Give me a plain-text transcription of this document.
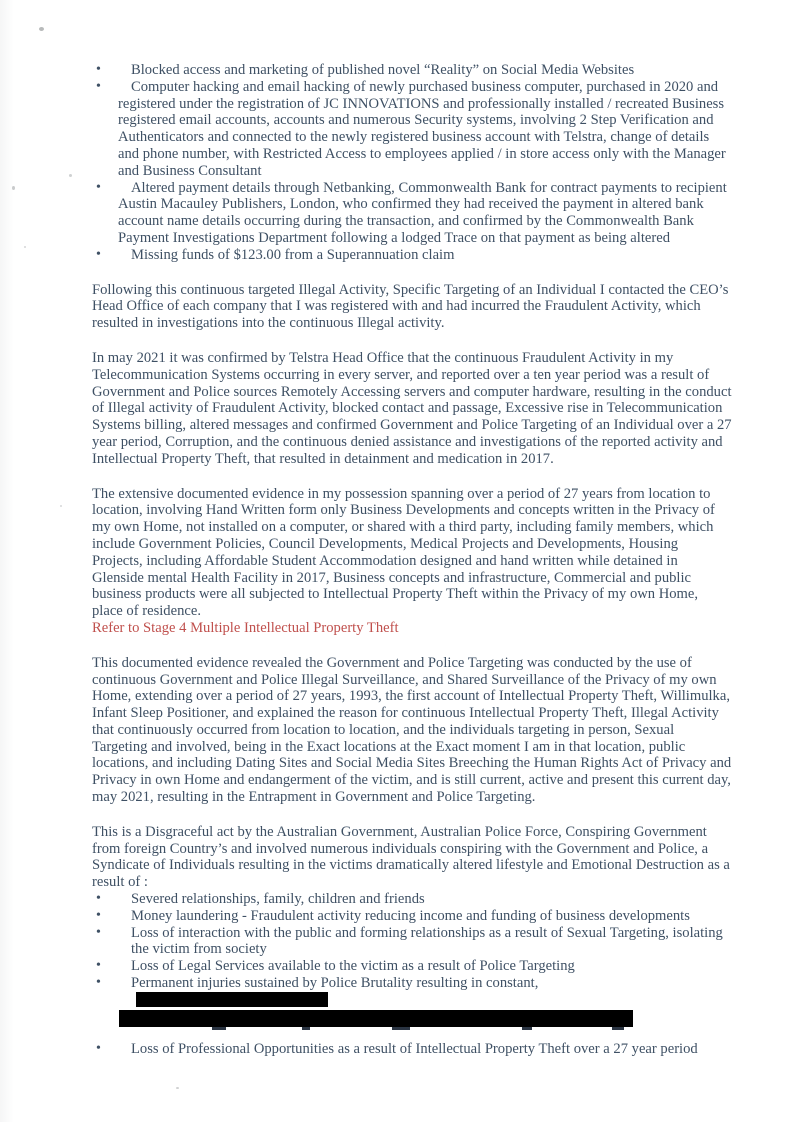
• Blocked access and marketing of published novel “Reality” on Social Media Websites
• Computer hacking and email hacking of newly purchased business computer, purchased in 2020 and registered under the registration of JC INNOVATIONS and professionally installed / recreated Business registered email accounts, accounts and numerous Security systems, involving 2 Step Verification and Authenticators and connected to the newly registered business account with Telstra, change of details and phone number, with Restricted Access to employees applied / in store access only with the Manager and Business Consultant
• Altered payment details through Netbanking, Commonwealth Bank for contract payments to recipient Austin Macauley Publishers, London, who confirmed they had received the payment in altered bank account name details occurring during the transaction, and confirmed by the Commonwealth Bank Payment Investigations Department following a lodged Trace on that payment as being altered
• Missing funds of $123.00 from a Superannuation claim

Following this continuous targeted Illegal Activity, Specific Targeting of an Individual I contacted the CEO’s Head Office of each company that I was registered with and had incurred the Fraudulent Activity, which resulted in investigations into the continuous Illegal activity.

In may 2021 it was confirmed by Telstra Head Office that the continuous Fraudulent Activity in my Telecommunication Systems occurring in every server, and reported over a ten year period was a result of Government and Police sources Remotely Accessing servers and computer hardware, resulting in the conduct of Illegal activity of Fraudulent Activity, blocked contact and passage, Excessive rise in Telecommunication Systems billing, altered messages and confirmed Government and Police Targeting of an Individual over a 27 year period, Corruption, and the continuous denied assistance and investigations of the reported activity and Intellectual Property Theft, that resulted in detainment and medication in 2017.

The extensive documented evidence in my possession spanning over a period of 27 years from location to location, involving Hand Written form only Business Developments and concepts written in the Privacy of my own Home, not installed on a computer, or shared with a third party, including family members, which include Government Policies, Council Developments, Medical Projects and Developments, Housing Projects, including Affordable Student Accommodation designed and hand written while detained in Glenside mental Health Facility in 2017, Business concepts and infrastructure, Commercial and public business products were all subjected to Intellectual Property Theft within the Privacy of my own Home, place of residence.

Refer to Stage 4 Multiple Intellectual Property Theft

This documented evidence revealed the Government and Police Targeting was conducted by the use of continuous Government and Police Illegal Surveillance, and Shared Surveillance of the Privacy of my own Home, extending over a period of 27 years, 1993, the first account of Intellectual Property Theft, Willimulka, Infant Sleep Positioner, and explained the reason for continuous Intellectual Property Theft, Illegal Activity that continuously occurred from location to location, and the individuals targeting in person, Sexual Targeting and involved, being in the Exact locations at the Exact moment I am in that location, public locations, and including Dating Sites and Social Media Sites Breeching the Human Rights Act of Privacy and Privacy in own Home and endangerment of the victim, and is still current, active and present this current day, may 2021, resulting in the Entrapment in Government and Police Targeting.

This is a Disgraceful act by the Australian Government, Australian Police Force, Conspiring Government from foreign Country’s and involved numerous individuals conspiring with the Government and Police, a Syndicate of Individuals resulting in the victims dramatically altered lifestyle and Emotional Destruction as a result of :

• Severed relationships, family, children and friends
• Money laundering - Fraudulent activity reducing income and funding of business developments
• Loss of interaction with the public and forming relationships as a result of Sexual Targeting, isolating the victim from society
• Loss of Legal Services available to the victim as a result of Police Targeting
• Permanent injuries sustained by Police Brutality resulting in constant,
• Loss of Professional Opportunities as a result of Intellectual Property Theft over a 27 year period
